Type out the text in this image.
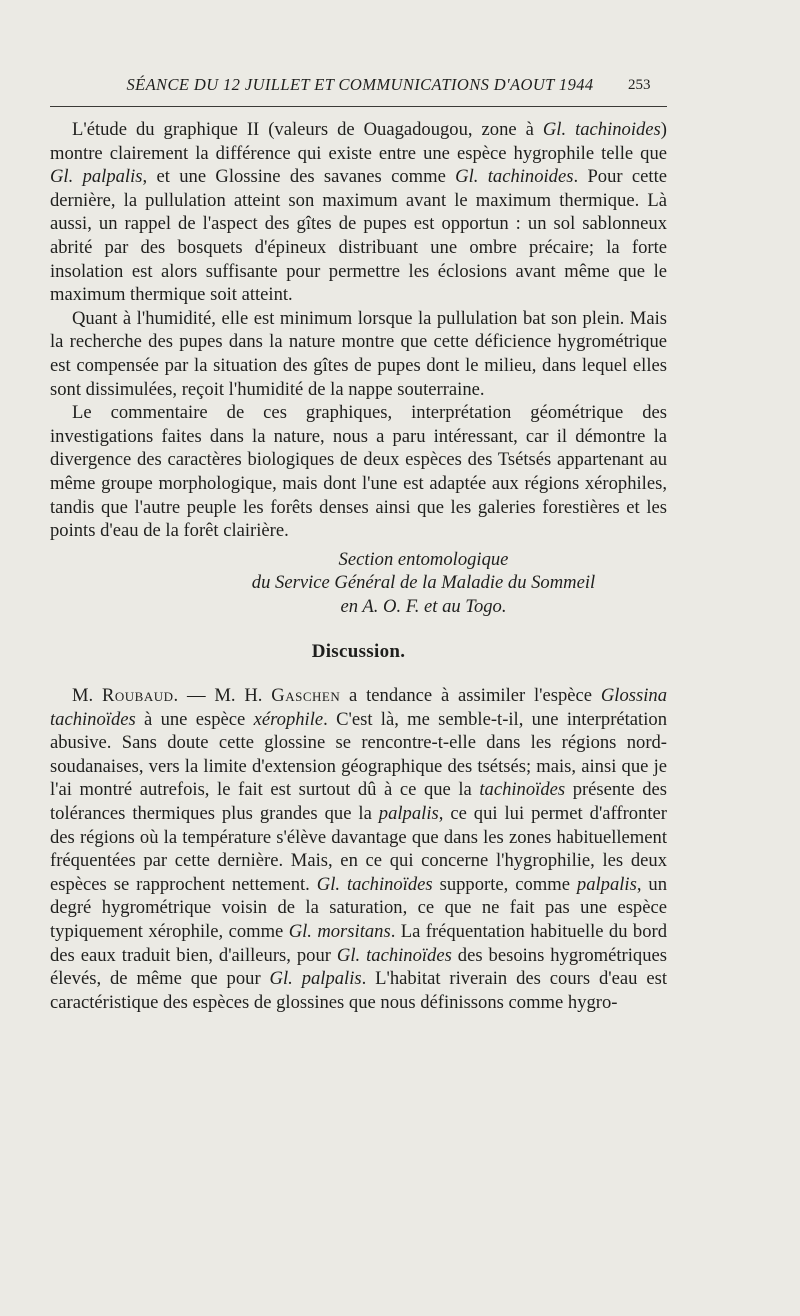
SÉANCE DU 12 JUILLET ET COMMUNICATIONS D'AOUT 1944	253

L'étude du graphique II (valeurs de Ouagadougou, zone à Gl. tachinoides) montre clairement la différence qui existe entre une espèce hygrophile telle que Gl. palpalis, et une Glossine des savanes comme Gl. tachinoides. Pour cette dernière, la pullulation atteint son maximum avant le maximum thermique. Là aussi, un rappel de l'aspect des gîtes de pupes est opportun : un sol sablonneux abrité par des bosquets d'épineux distribuant une ombre précaire; la forte insolation est alors suffisante pour permettre les éclosions avant même que le maximum thermique soit atteint.

Quant à l'humidité, elle est minimum lorsque la pullulation bat son plein. Mais la recherche des pupes dans la nature montre que cette déficience hygrométrique est compensée par la situation des gîtes de pupes dont le milieu, dans lequel elles sont dissimulées, reçoit l'humidité de la nappe souterraine.

Le commentaire de ces graphiques, interprétation géométrique des investigations faites dans la nature, nous a paru intéressant, car il démontre la divergence des caractères biologiques de deux espèces des Tsétsés appartenant au même groupe morphologique, mais dont l'une est adaptée aux régions xérophiles, tandis que l'autre peuple les forêts denses ainsi que les galeries forestières et les points d'eau de la forêt clairière.

Section entomologique

du Service Général de la Maladie du Sommeil

en A. O. F. et au Togo.

Discussion.

M. Roubaud. — M. H. Gaschen a tendance à assimiler l'espèce Glossina tachinoïdes à une espèce xérophile. C'est là, me semble-t-il, une interprétation abusive. Sans doute cette glossine se rencontre-t-elle dans les régions nord-soudanaises, vers la limite d'extension géographique des tsétsés; mais, ainsi que je l'ai montré autrefois, le fait est surtout dû à ce que la tachinoïdes présente des tolérances thermiques plus grandes que la palpalis, ce qui lui permet d'affronter des régions où la température s'élève davantage que dans les zones habituellement fréquentées par cette dernière. Mais, en ce qui concerne l'hygrophilie, les deux espèces se rapprochent nettement. Gl. tachinoïdes supporte, comme palpalis, un degré hygrométrique voisin de la saturation, ce que ne fait pas une espèce typiquement xérophile, comme Gl. morsitans. La fréquentation habituelle du bord des eaux traduit bien, d'ailleurs, pour Gl. tachinoïdes des besoins hygrométriques élevés, de même que pour Gl. palpalis. L'habitat riverain des cours d'eau est caractéristique des espèces de glossines que nous définissons comme hygro-
